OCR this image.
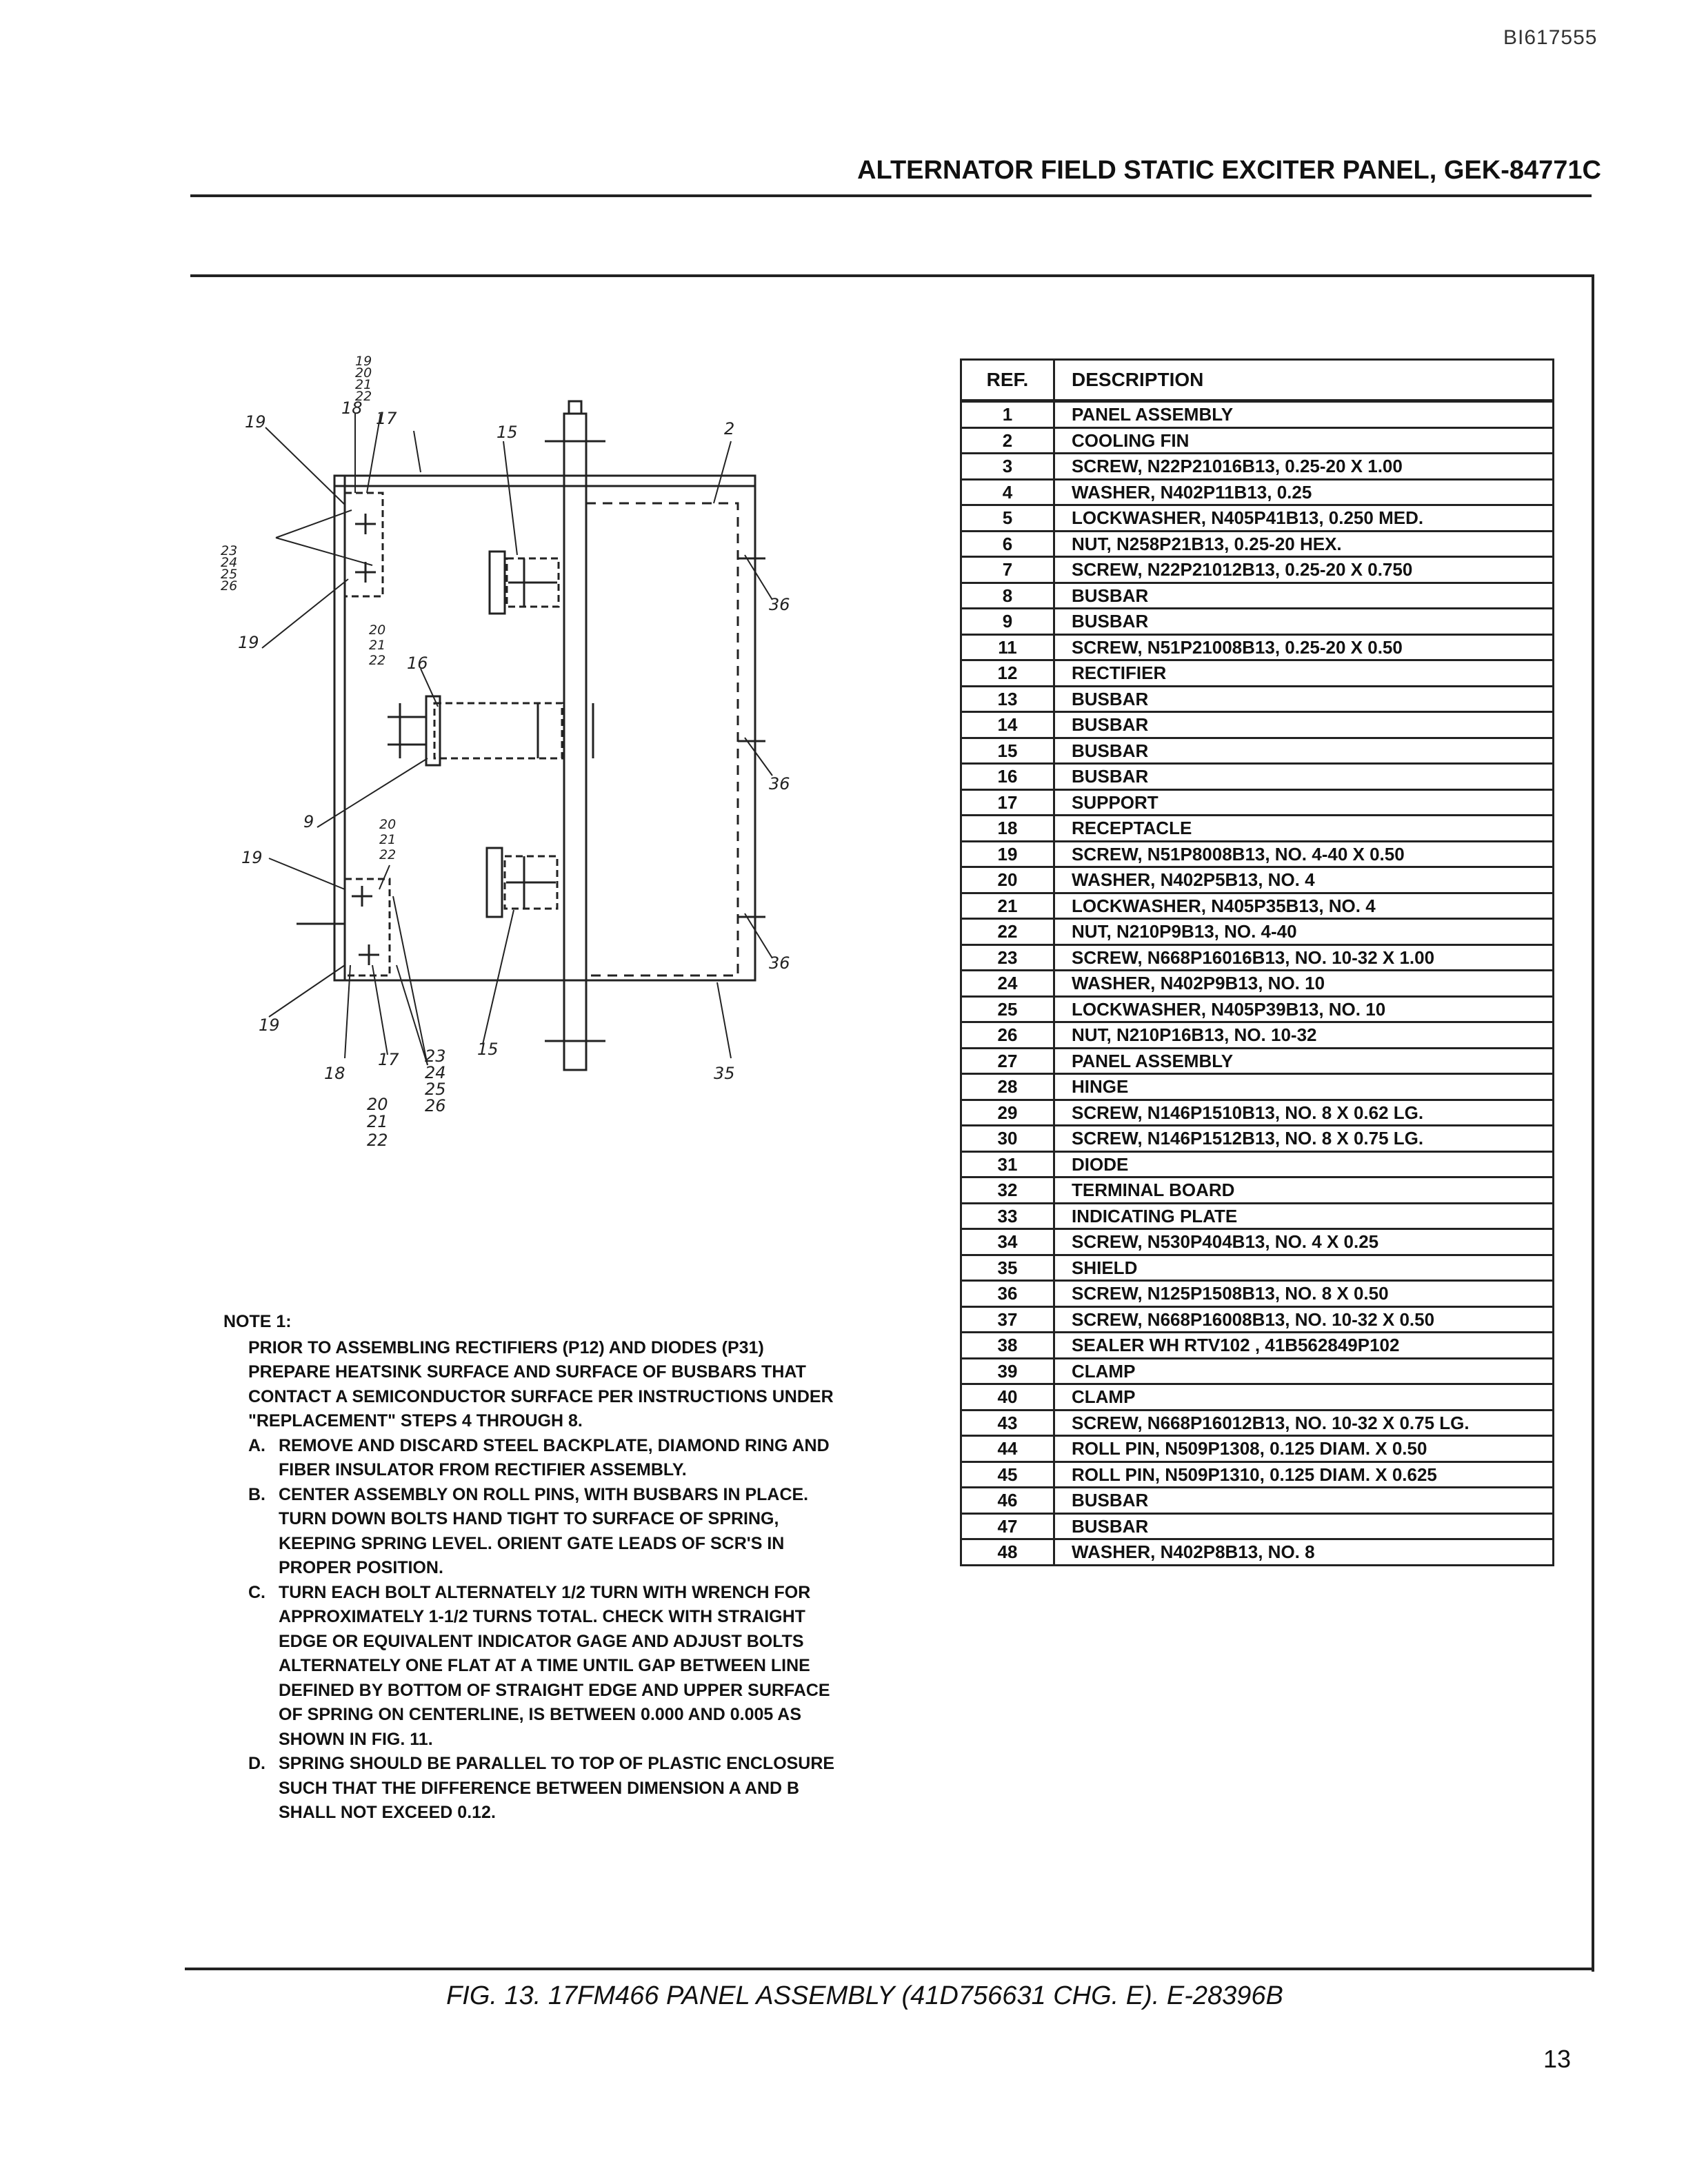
BI617555
ALTERNATOR FIELD STATIC EXCITER PANEL, GEK-84771C
19
18
17
15	2
19
36
16
36
9
19
36
19
18
17
15
35
19
20
21
22
23
24
25
26
20
21
22
20
21
22
20
21
22
23
24
25
26
REF.	DESCRIPTION
1	PANEL ASSEMBLY
2	COOLING FIN
3	SCREW, N22P21016B13, 0.25-20 X 1.00
4	WASHER, N402P11B13, 0.25
5	LOCKWASHER, N405P41B13, 0.250 MED.
6	NUT, N258P21B13, 0.25-20 HEX.
7	SCREW, N22P21012B13, 0.25-20 X 0.750
8	BUSBAR
9	BUSBAR
11	SCREW, N51P21008B13, 0.25-20 X 0.50
12	RECTIFIER
13	BUSBAR
14	BUSBAR
15	BUSBAR
16	BUSBAR
17	SUPPORT
18	RECEPTACLE
19	SCREW, N51P8008B13, NO. 4-40 X 0.50
20	WASHER, N402P5B13, NO. 4
21	LOCKWASHER, N405P35B13, NO. 4
22	NUT, N210P9B13, NO. 4-40
23	SCREW, N668P16016B13, NO. 10-32 X 1.00
24	WASHER, N402P9B13, NO. 10
25	LOCKWASHER, N405P39B13, NO. 10
26	NUT, N210P16B13, NO. 10-32
27	PANEL ASSEMBLY
28	HINGE
29	SCREW, N146P1510B13, NO. 8 X 0.62 LG.
30	SCREW, N146P1512B13, NO. 8 X 0.75 LG.
31	DIODE
32	TERMINAL BOARD
33	INDICATING PLATE
34	SCREW, N530P404B13, NO. 4 X 0.25
35	SHIELD
36	SCREW, N125P1508B13, NO. 8 X 0.50
37	SCREW, N668P16008B13, NO. 10-32 X 0.50
38	SEALER WH RTV102 , 41B562849P102
39	CLAMP
40	CLAMP
43	SCREW, N668P16012B13, NO. 10-32 X 0.75 LG.
44	ROLL PIN, N509P1308, 0.125 DIAM. X 0.50
45	ROLL PIN, N509P1310, 0.125 DIAM. X 0.625
46	BUSBAR
47	BUSBAR
48	WASHER, N402P8B13, NO. 8
NOTE 1:
PRIOR TO ASSEMBLING RECTIFIERS (P12) AND DIODES (P31) PREPARE HEATSINK SURFACE AND SURFACE OF BUSBARS THAT CONTACT A SEMICONDUCTOR SURFACE PER INSTRUCTIONS UNDER "REPLACEMENT" STEPS 4 THROUGH 8.
A. REMOVE AND DISCARD STEEL BACKPLATE, DIAMOND RING AND FIBER INSULATOR FROM RECTIFIER ASSEMBLY.
B. CENTER ASSEMBLY ON ROLL PINS, WITH BUSBARS IN PLACE. TURN DOWN BOLTS HAND TIGHT TO SURFACE OF SPRING, KEEPING SPRING LEVEL. ORIENT GATE LEADS OF SCR'S IN PROPER POSITION.
C. TURN EACH BOLT ALTERNATELY 1/2 TURN WITH WRENCH FOR APPROXIMATELY 1-1/2 TURNS TOTAL. CHECK WITH STRAIGHT EDGE OR EQUIVALENT INDICATOR GAGE AND ADJUST BOLTS ALTERNATELY ONE FLAT AT A TIME UNTIL GAP BETWEEN LINE DEFINED BY BOTTOM OF STRAIGHT EDGE AND UPPER SURFACE OF SPRING ON CENTERLINE, IS BETWEEN 0.000 AND 0.005 AS SHOWN IN FIG. 11.
D. SPRING SHOULD BE PARALLEL TO TOP OF PLASTIC ENCLOSURE SUCH THAT THE DIFFERENCE BETWEEN DIMENSION A AND B SHALL NOT EXCEED 0.12.
FIG. 13. 17FM466 PANEL ASSEMBLY (41D756631 CHG. E). E-28396B
13
